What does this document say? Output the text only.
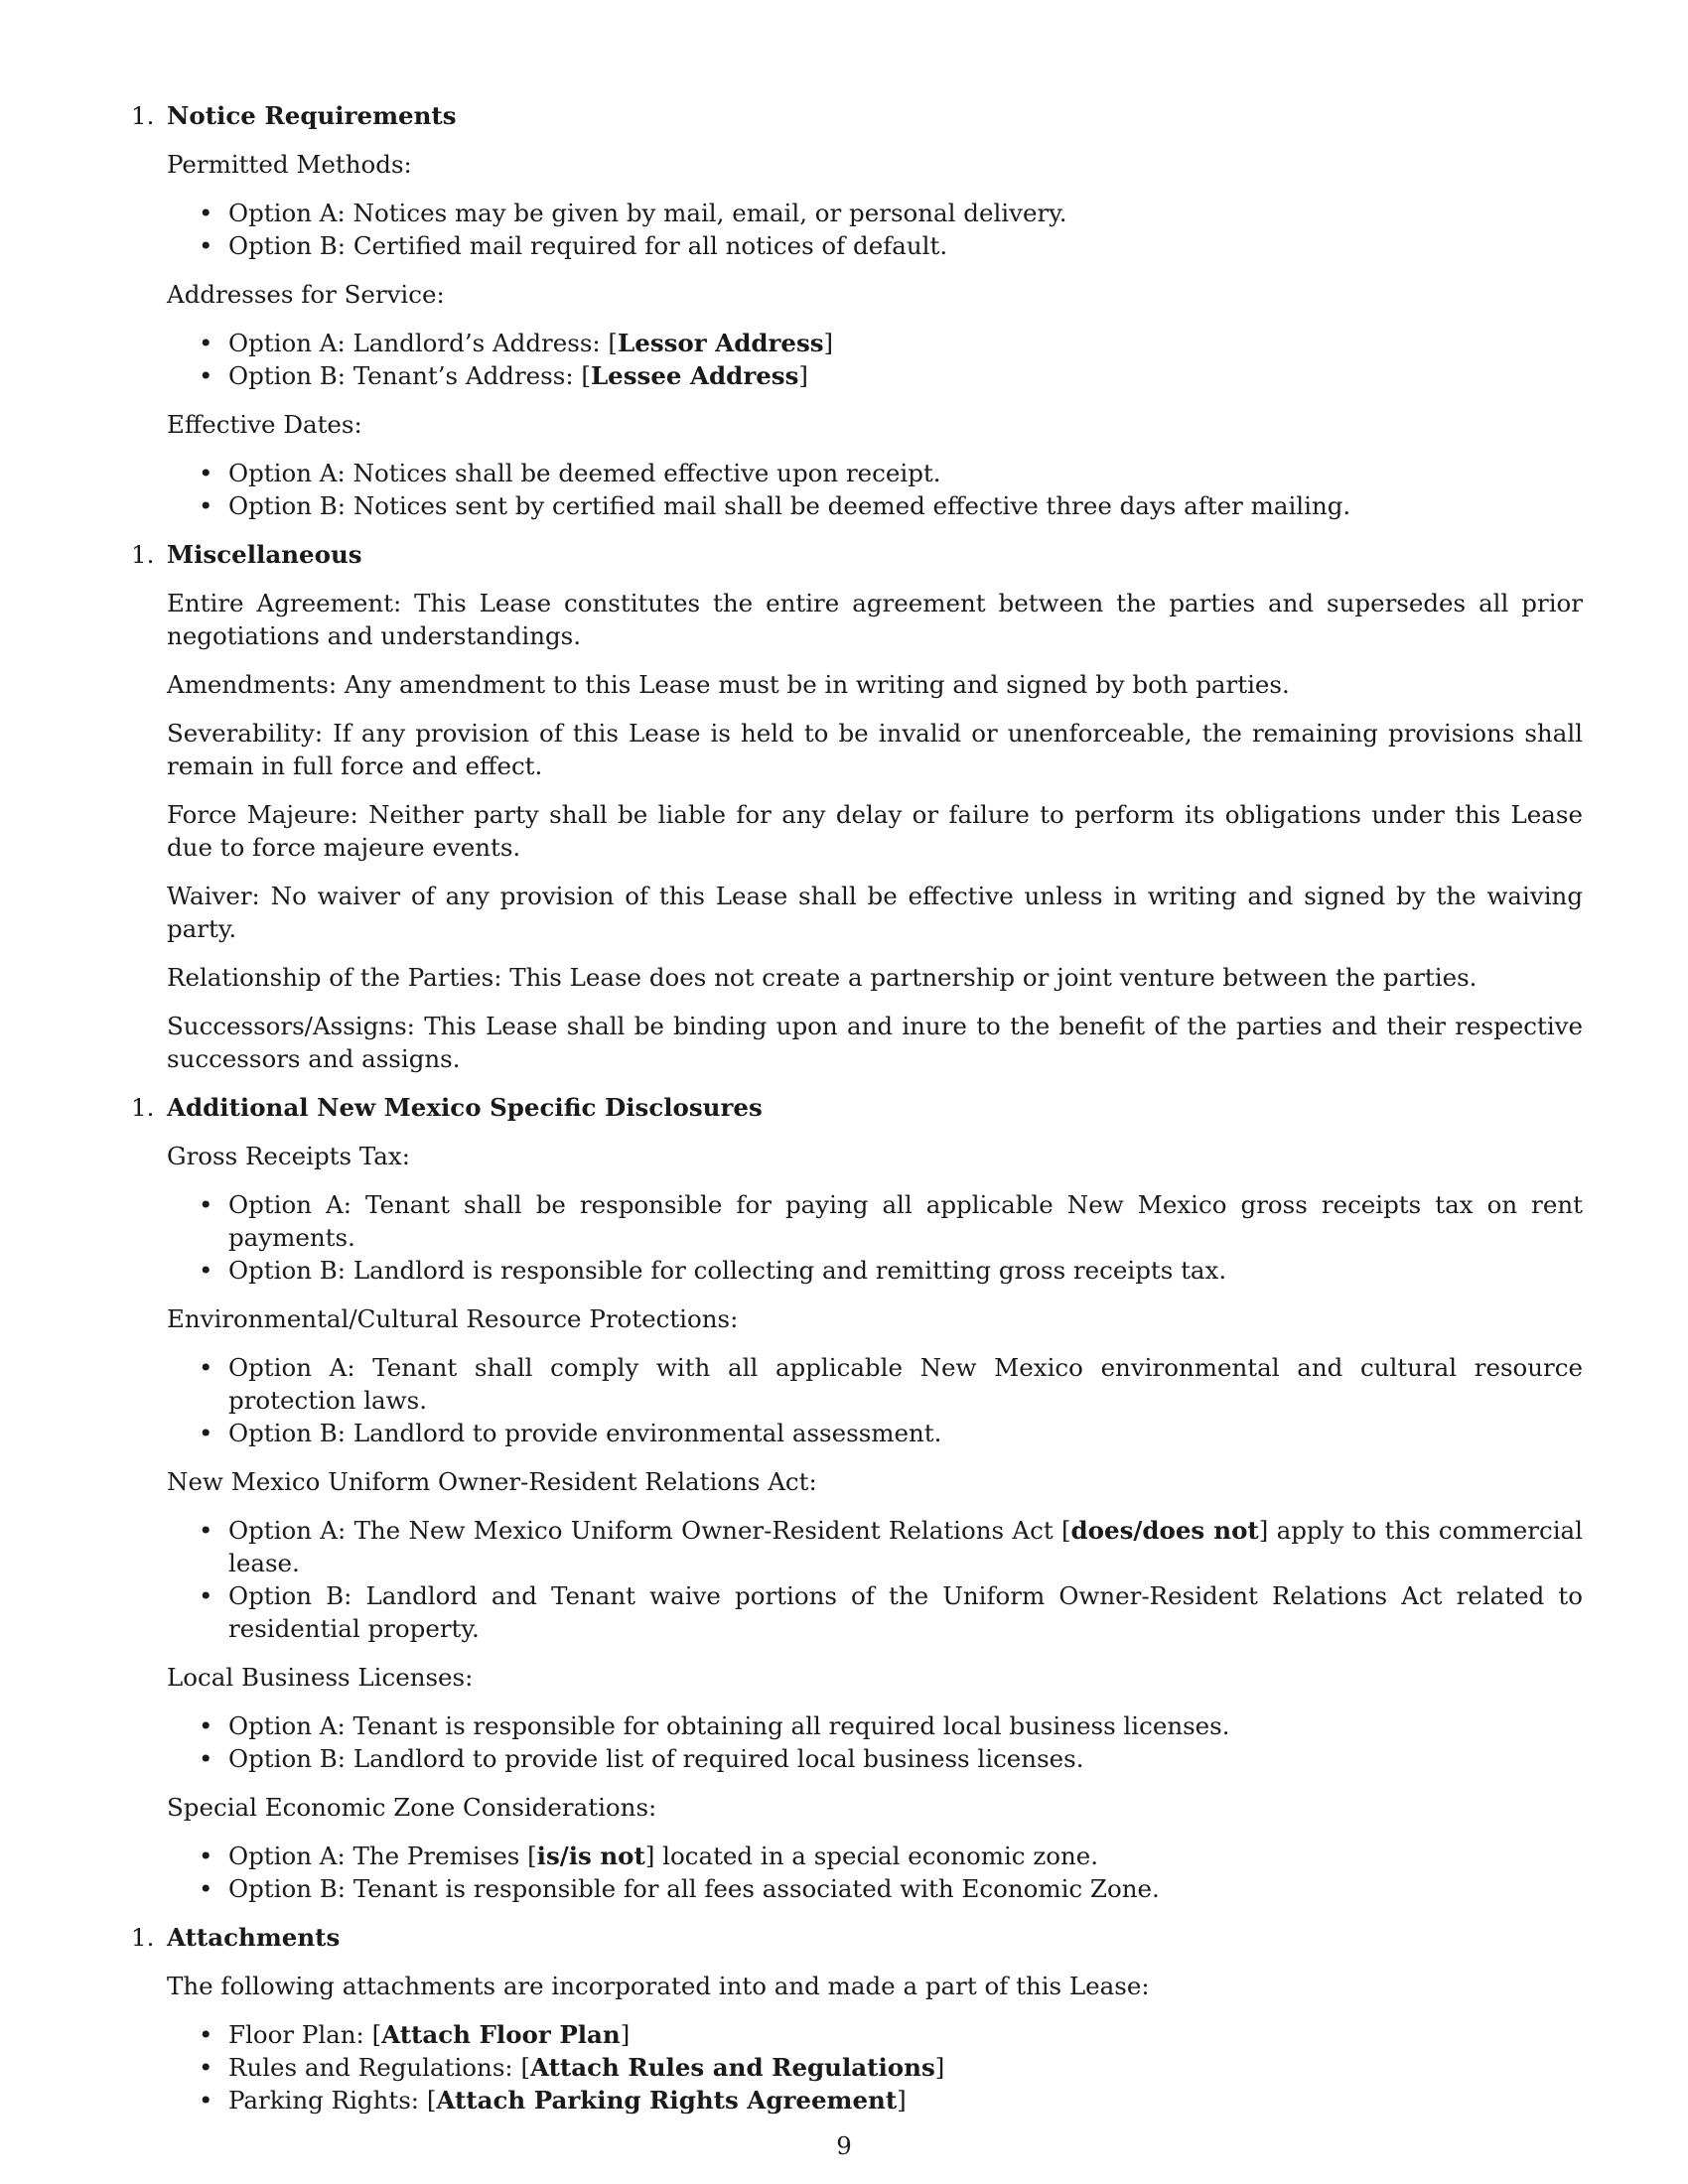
1. Notice Requirements
Permitted Methods:
• Option A: Notices may be given by mail, email, or personal delivery.
• Option B: Certified mail required for all notices of default.
Addresses for Service:
• Option A: Landlord’s Address: [Lessor Address]
• Option B: Tenant’s Address: [Lessee Address]
Effective Dates:
• Option A: Notices shall be deemed effective upon receipt.
• Option B: Notices sent by certified mail shall be deemed effective three days after mailing.
1. Miscellaneous
Entire Agreement: This Lease constitutes the entire agreement between the parties and supersedes all prior negotiations and understandings.
Amendments: Any amendment to this Lease must be in writing and signed by both parties.
Severability: If any provision of this Lease is held to be invalid or unenforceable, the remaining provisions shall remain in full force and effect.
Force Majeure: Neither party shall be liable for any delay or failure to perform its obligations under this Lease due to force majeure events.
Waiver: No waiver of any provision of this Lease shall be effective unless in writing and signed by the waiving party.
Relationship of the Parties: This Lease does not create a partnership or joint venture between the parties.
Successors/Assigns: This Lease shall be binding upon and inure to the benefit of the parties and their respective successors and assigns.
1. Additional New Mexico Specific Disclosures
Gross Receipts Tax:
• Option A: Tenant shall be responsible for paying all applicable New Mexico gross receipts tax on rent payments.
• Option B: Landlord is responsible for collecting and remitting gross receipts tax.
Environmental/Cultural Resource Protections:
• Option A: Tenant shall comply with all applicable New Mexico environmental and cultural resource protection laws.
• Option B: Landlord to provide environmental assessment.
New Mexico Uniform Owner-Resident Relations Act:
• Option A: The New Mexico Uniform Owner-Resident Relations Act [does/does not] apply to this commercial lease.
• Option B: Landlord and Tenant waive portions of the Uniform Owner-Resident Relations Act related to residential property.
Local Business Licenses:
• Option A: Tenant is responsible for obtaining all required local business licenses.
• Option B: Landlord to provide list of required local business licenses.
Special Economic Zone Considerations:
• Option A: The Premises [is/is not] located in a special economic zone.
• Option B: Tenant is responsible for all fees associated with Economic Zone.
1. Attachments
The following attachments are incorporated into and made a part of this Lease:
• Floor Plan: [Attach Floor Plan]
• Rules and Regulations: [Attach Rules and Regulations]
• Parking Rights: [Attach Parking Rights Agreement]
9
